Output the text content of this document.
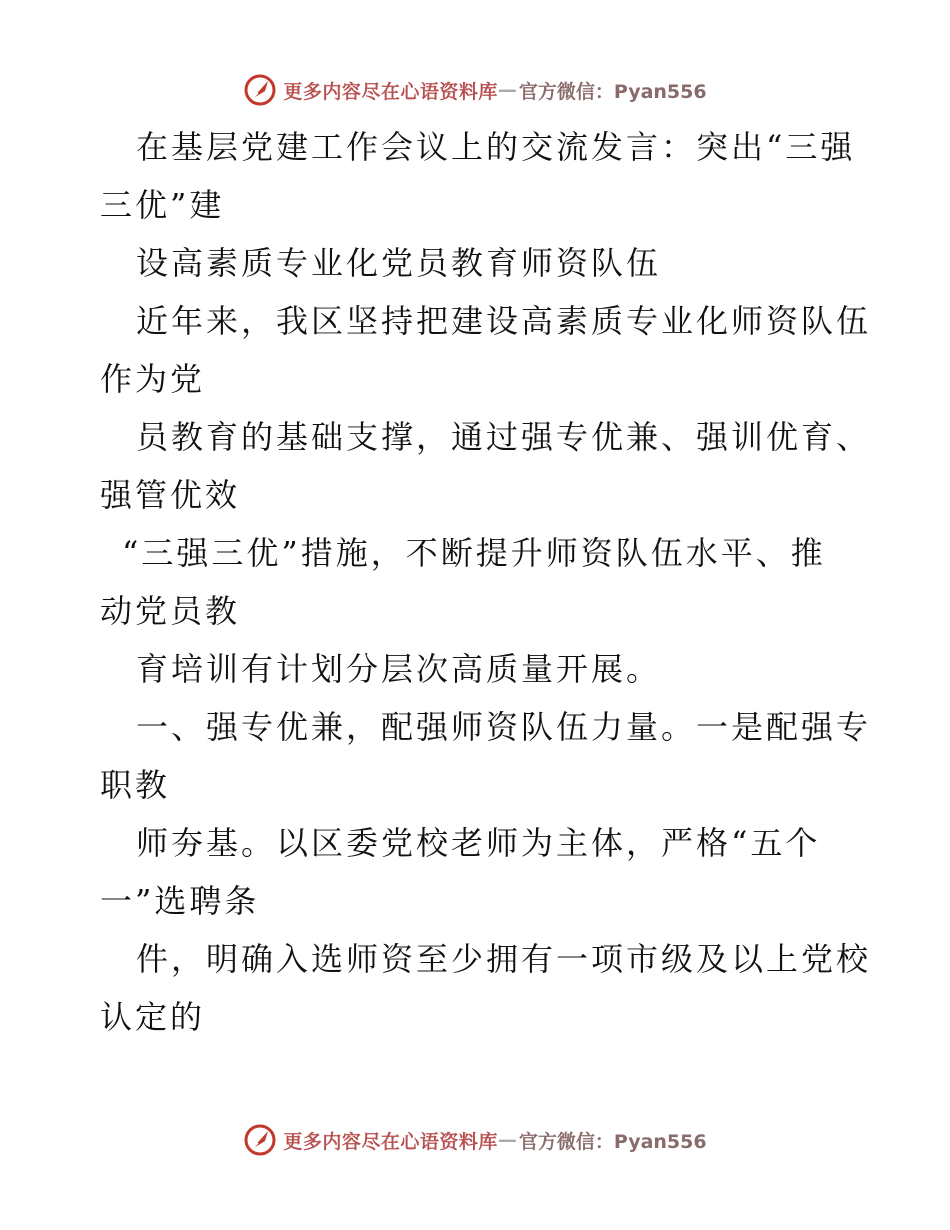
更多内容尽在心语资料库 — 官方微信：Pyan556
在基层党建工作会议上的交流发言：突出“三强
三优”建
设高素质专业化党员教育师资队伍
近年来，我区坚持把建设高素质专业化师资队伍
作为党
员教育的基础支撑，通过强专优兼、强训优育、
强管优效
“三强三优”措施，不断提升师资队伍水平、推
动党员教
育培训有计划分层次高质量开展。
一、强专优兼，配强师资队伍力量。一是配强专
职教
师夯基。以区委党校老师为主体，严格“五个
一”选聘条
件，明确入选师资至少拥有一项市级及以上党校
认定的
更多内容尽在心语资料库 — 官方微信：Pyan556
